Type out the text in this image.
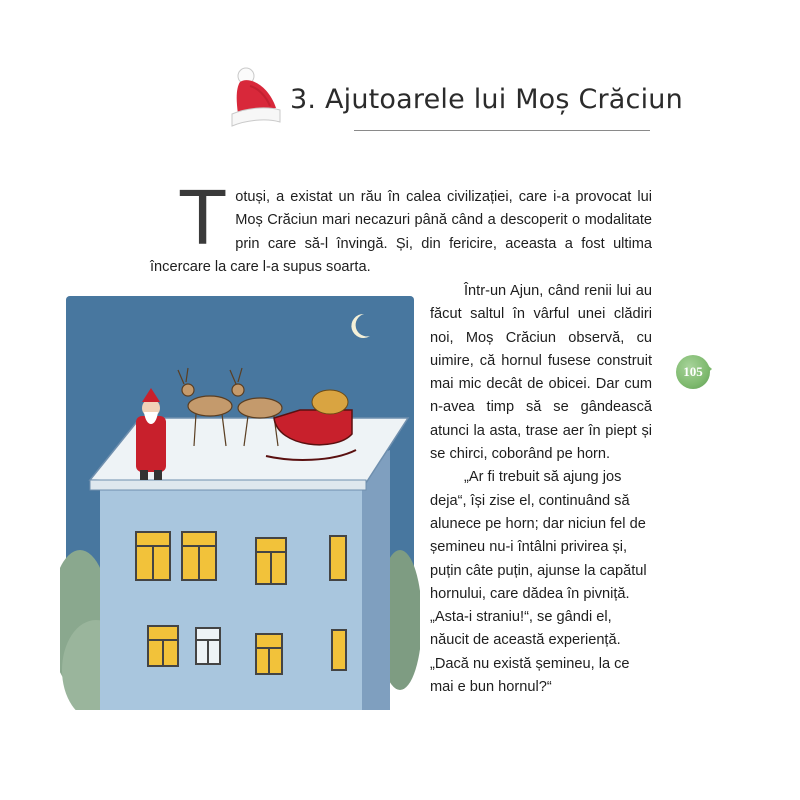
3. Ajutoarele lui Moș Crăciun
105

Totuși, a existat un rău în calea civilizației, care i-a provocat lui Moș Crăciun mari necazuri până când a descoperit o modalitate prin care să-l învingă. Și, din fericire, aceasta a fost ultima încercare la care l-a supus soarta.

Într-un Ajun, când renii lui au făcut saltul în vârful unei clădiri noi, Moș Crăciun observă, cu uimire, că hornul fusese construit mai mic decât de obicei. Dar cum n-avea timp să se gândească atunci la asta, trase aer în piept și se chirci, coborând pe horn.

„Ar fi trebuit să ajung jos deja“, își zise el, continuând să alunece pe horn; dar niciun fel de șemineu nu-i întâlni privirea și, puțin câte puțin, ajunse la capătul hornului, care dădea în pivniță. „Asta-i straniu!“, se gândi el, năucit de această experiență. „Dacă nu există șemineu, la ce mai e bun hornul?“
